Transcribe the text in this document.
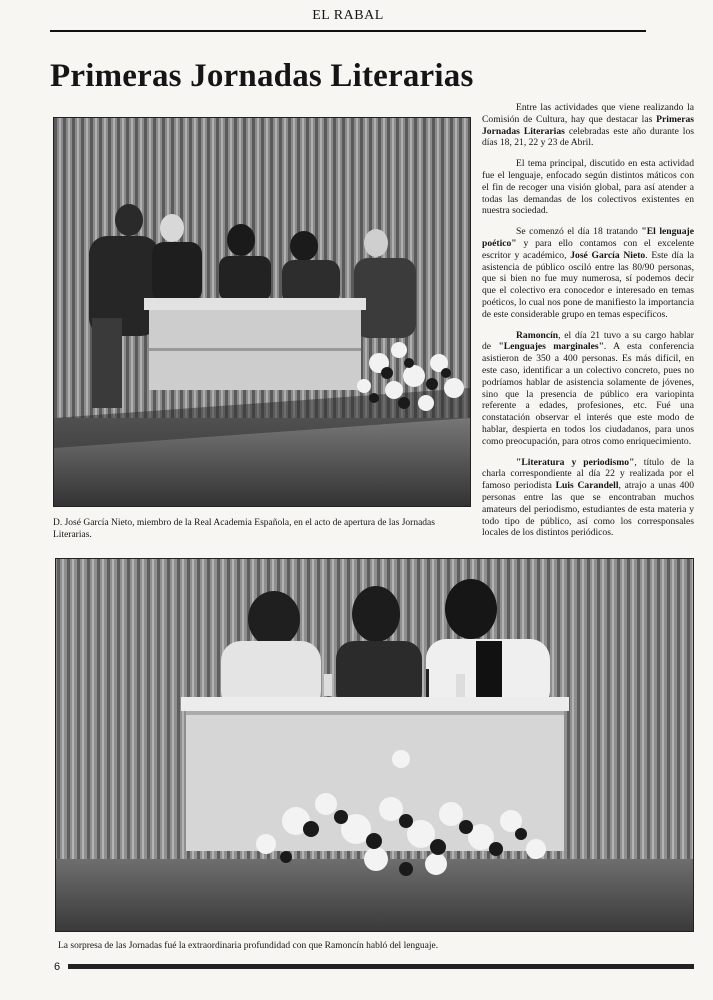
EL RABAL
Primeras Jornadas Literarias
D. José García Nieto, miembro de la Real Academia Española, en el acto de apertura de las Jornadas Literarias.

Entre las actividades que viene realizando la Comisión de Cultura, hay que destacar las Primeras Jornadas Literarias celebradas este año durante los días 18, 21, 22 y 23 de Abril.

El tema principal, discutido en esta actividad fue el lenguaje, enfocado según distintos máticos con el fin de recoger una visión global, para así atender a todas las demandas de los colectivos existentes en nuestra sociedad.

Se comenzó el día 18 tratando "El lenguaje poético" y para ello contamos con el excelente escritor y académico, José García Nieto. Este día la asistencia de público osciló entre las 80/90 personas, que si bien no fue muy numerosa, sí podemos decir que el colectivo era conocedor e interesado en temas poéticos, lo cual nos pone de manifiesto la importancia de este considerable grupo en temas específicos.

Ramoncín, el día 21 tuvo a su cargo hablar de "Lenguajes marginales". A esta conferencia asistieron de 350 a 400 personas. Es más difícil, en este caso, identificar a un colectivo concreto, pues no podríamos hablar de asistencia solamente de jóvenes, sino que la presencia de público era variopinta referente a edades, profesiones, etc. Fué una constatación observar el interés que este modo de hablar, despierta en todos los ciudadanos, para unos como preocupación, para otros como enriquecimiento.

"Literatura y periodismo", título de la charla correspondiente al día 22 y realizada por el famoso periodista Luis Carandell, atrajo a unas 400 personas entre las que se encontraban muchos amateurs del periodismo, estudiantes de esta materia y todo tipo de público, así como los corresponsales locales de los distintos periódicos.

La sorpresa de las Jornadas fué la extraordinaria profundidad con que Ramoncín habló del lenguaje.
6
